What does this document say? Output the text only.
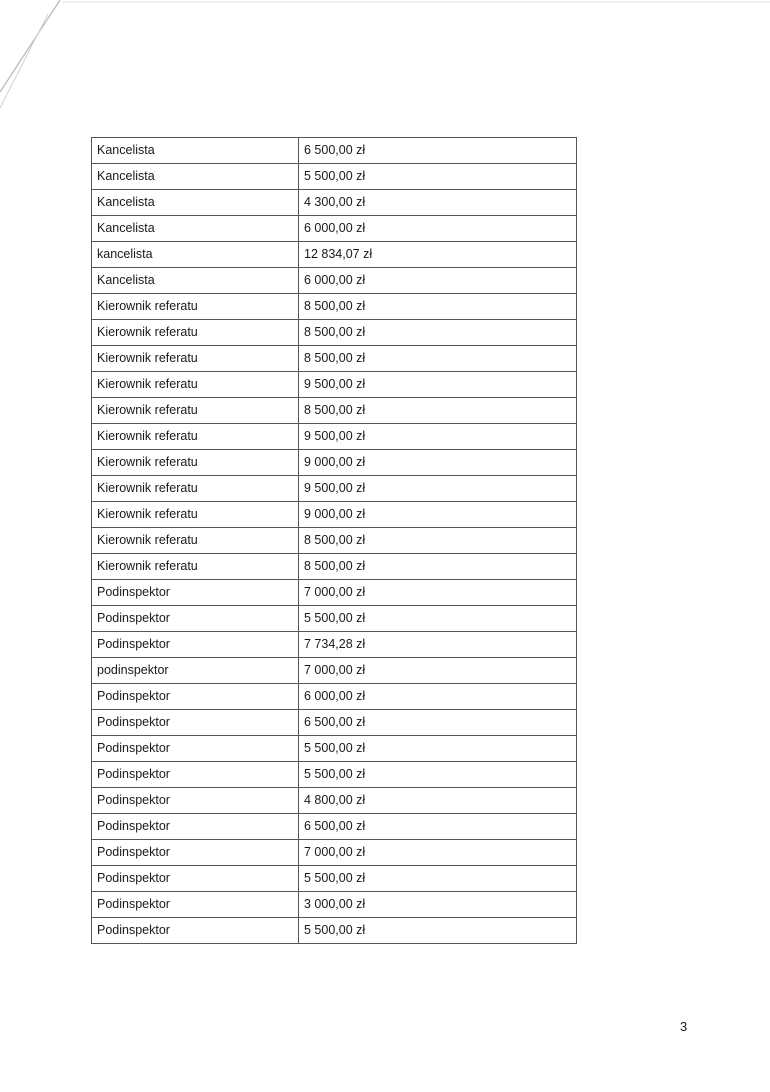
Kancelista	6 500,00 zł
Kancelista	5 500,00 zł
Kancelista	4 300,00 zł
Kancelista	6 000,00 zł
kancelista	12 834,07 zł
Kancelista	6 000,00 zł
Kierownik referatu	8 500,00 zł
Kierownik referatu	8 500,00 zł
Kierownik referatu	8 500,00 zł
Kierownik referatu	9 500,00 zł
Kierownik referatu	8 500,00 zł
Kierownik referatu	9 500,00 zł
Kierownik referatu	9 000,00 zł
Kierownik referatu	9 500,00 zł
Kierownik referatu	9 000,00 zł
Kierownik referatu	8 500,00 zł
Kierownik referatu	8 500,00 zł
Podinspektor	7 000,00 zł
Podinspektor	5 500,00 zł
Podinspektor	7 734,28 zł
podinspektor	7 000,00 zł
Podinspektor	6 000,00 zł
Podinspektor	6 500,00 zł
Podinspektor	5 500,00 zł
Podinspektor	5 500,00 zł
Podinspektor	4 800,00 zł
Podinspektor	6 500,00 zł
Podinspektor	7 000,00 zł
Podinspektor	5 500,00 zł
Podinspektor	3 000,00 zł
Podinspektor	5 500,00 zł
3
